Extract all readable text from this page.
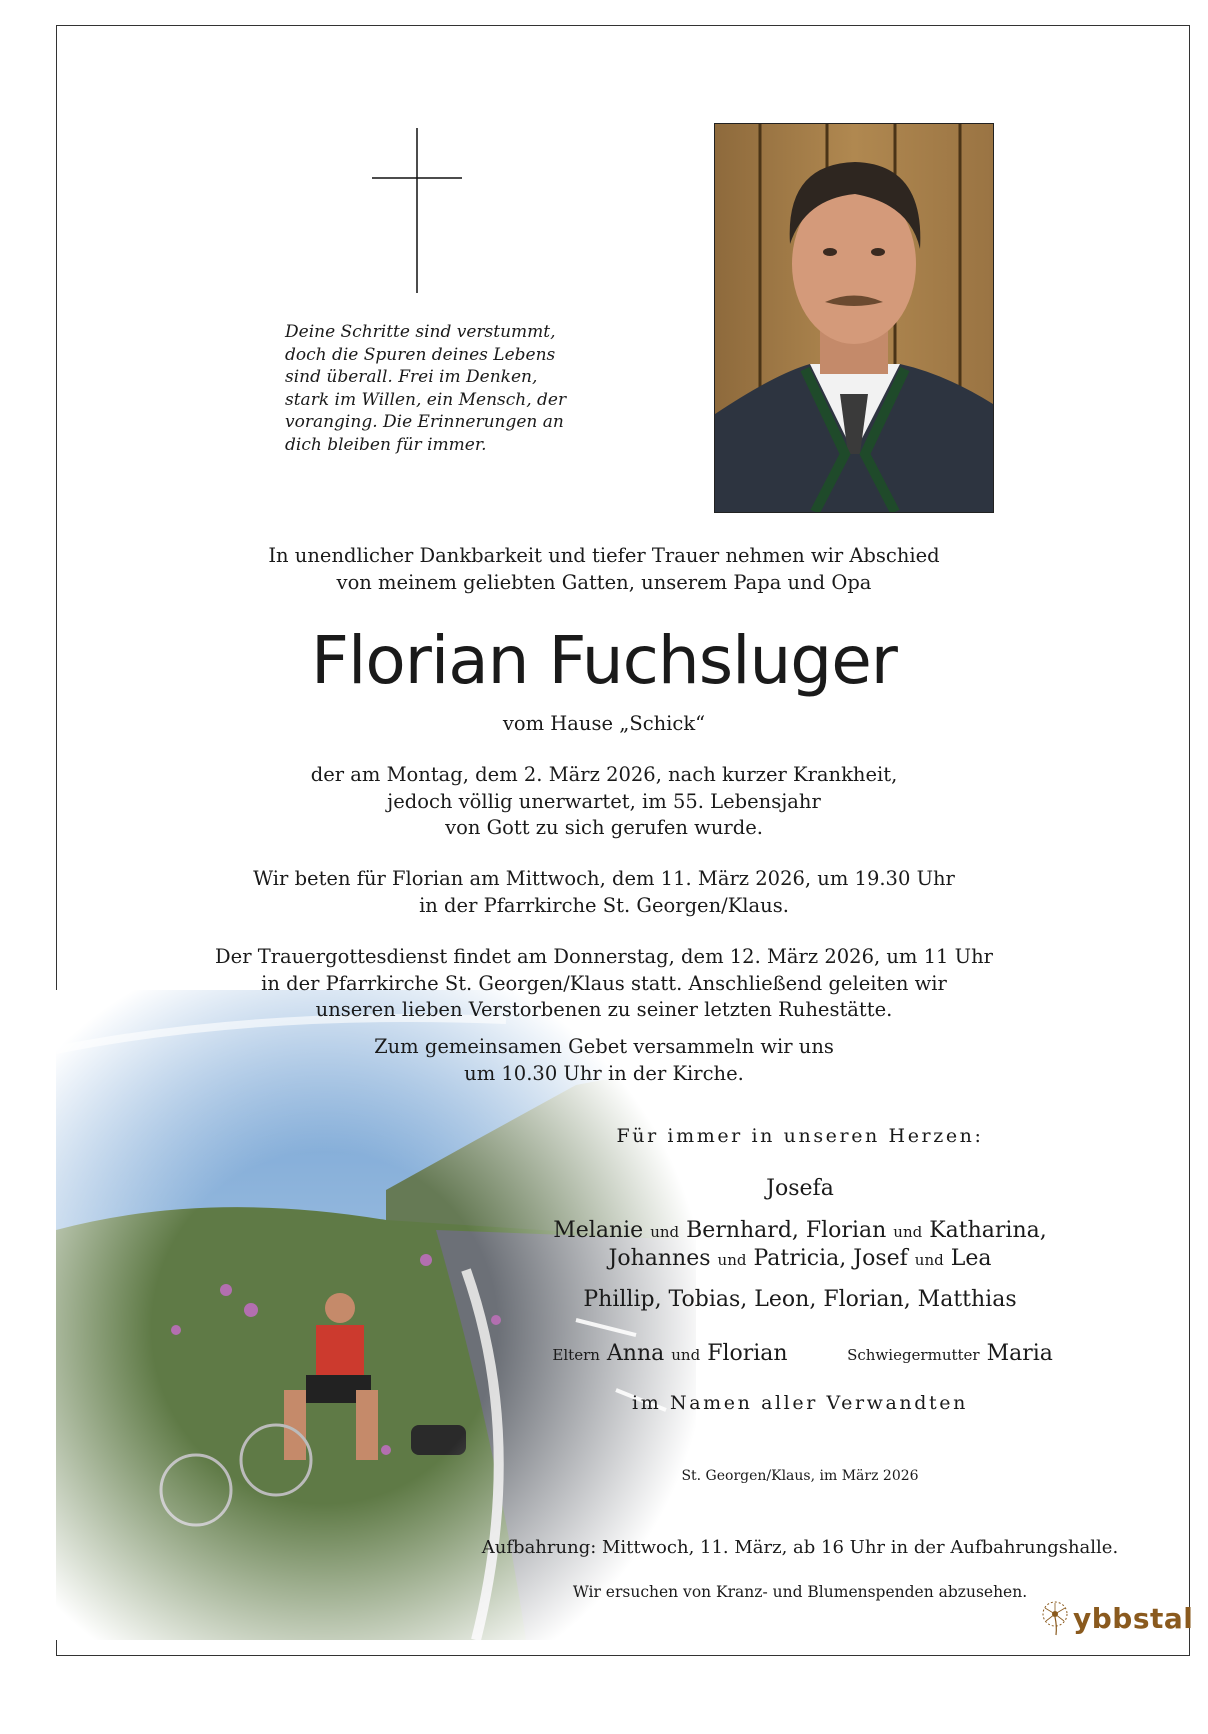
Deine Schritte sind verstummt,
doch die Spuren deines Lebens
sind überall. Frei im Denken,
stark im Willen, ein Mensch, der
voranging. Die Erinnerungen an
dich bleiben für immer.
In unendlicher Dankbarkeit und tiefer Trauer nehmen wir Abschied
von meinem geliebten Gatten, unserem Papa und Opa
Florian Fuchsluger
vom Hause „Schick“
der am Montag, dem 2. März 2026, nach kurzer Krankheit,
jedoch völlig unerwartet, im 55. Lebensjahr
von Gott zu sich gerufen wurde.
Wir beten für Florian am Mittwoch, dem 11. März 2026, um 19.30 Uhr
in der Pfarrkirche St. Georgen/Klaus.
Der Trauergottesdienst findet am Donnerstag, dem 12. März 2026, um 11 Uhr
in der Pfarrkirche St. Georgen/Klaus statt. Anschließend geleiten wir
unseren lieben Verstorbenen zu seiner letzten Ruhestätte.
Zum gemeinsamen Gebet versammeln wir uns
um 10.30 Uhr in der Kirche.
Für immer in unseren Herzen:
Josefa
Melanie und Bernhard, Florian und Katharina,
Johannes und Patricia, Josef und Lea
Phillip, Tobias, Leon, Florian, Matthias
Eltern Anna und Florian	Schwiegermutter Maria
im Namen aller Verwandten
St. Georgen/Klaus, im März 2026
Aufbahrung: Mittwoch, 11. März, ab 16 Uhr in der Aufbahrungshalle.
Wir ersuchen von Kranz- und Blumenspenden abzusehen.
ybbstal
